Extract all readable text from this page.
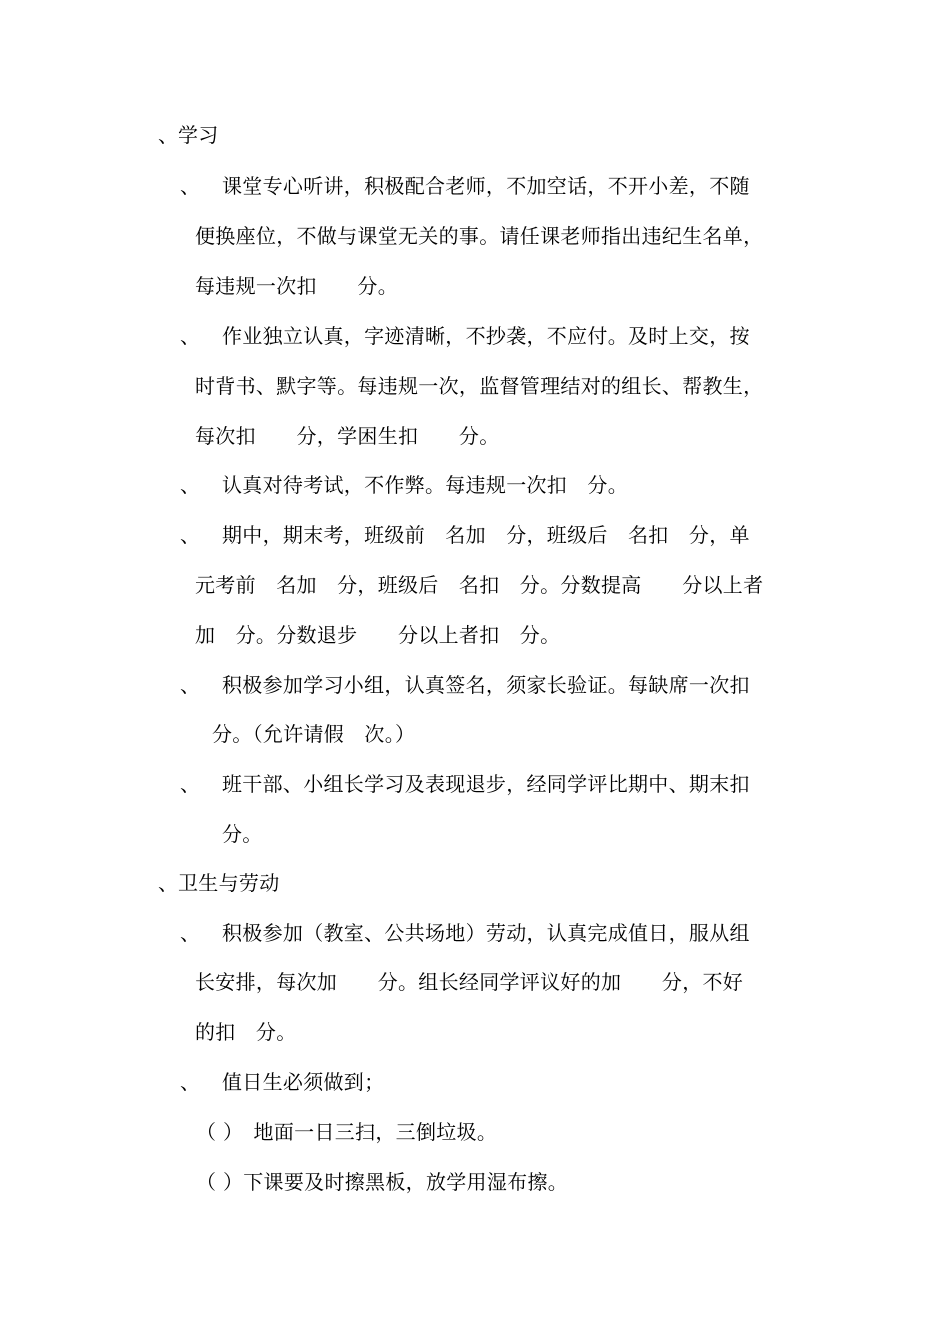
、 学习
、 课堂专心听讲，积极配合老师，不加空话，不开小差，不随
便换座位，不做与课堂无关的事。请任课老师指出违纪生名单，
每违规一次扣　　分。
、 作业独立认真，字迹清晰，不抄袭，不应付。及时上交，按
时背书、默字等。每违规一次，监督管理结对的组长、帮教生，
每次扣　　分，学困生扣　　分。
、 认真对待考试，不作弊。每违规一次扣　分。
、 期中，期末考，班级前　名加　分，班级后　名扣　分，单
元考前　名加　分，班级后　名扣　分。分数提高　　分以上者
加　分。分数退步　　分以上者扣　分。
、 积极参加学习小组，认真签名，须家长验证。每缺席一次扣
分。（允许请假　次。）
、 班干部、小组长学习及表现退步，经同学评比期中、期末扣
分。
、 卫生与劳动
、 积极参加（教室、公共场地）劳动，认真完成值日，服从组
长安排，每次加　　分。组长经同学评议好的加　　分，不好
的扣　分。
、 值日生必须做到；
（ ）　地面一日三扫，三倒垃圾。
（ ）下课要及时擦黑板，放学用湿布擦。
